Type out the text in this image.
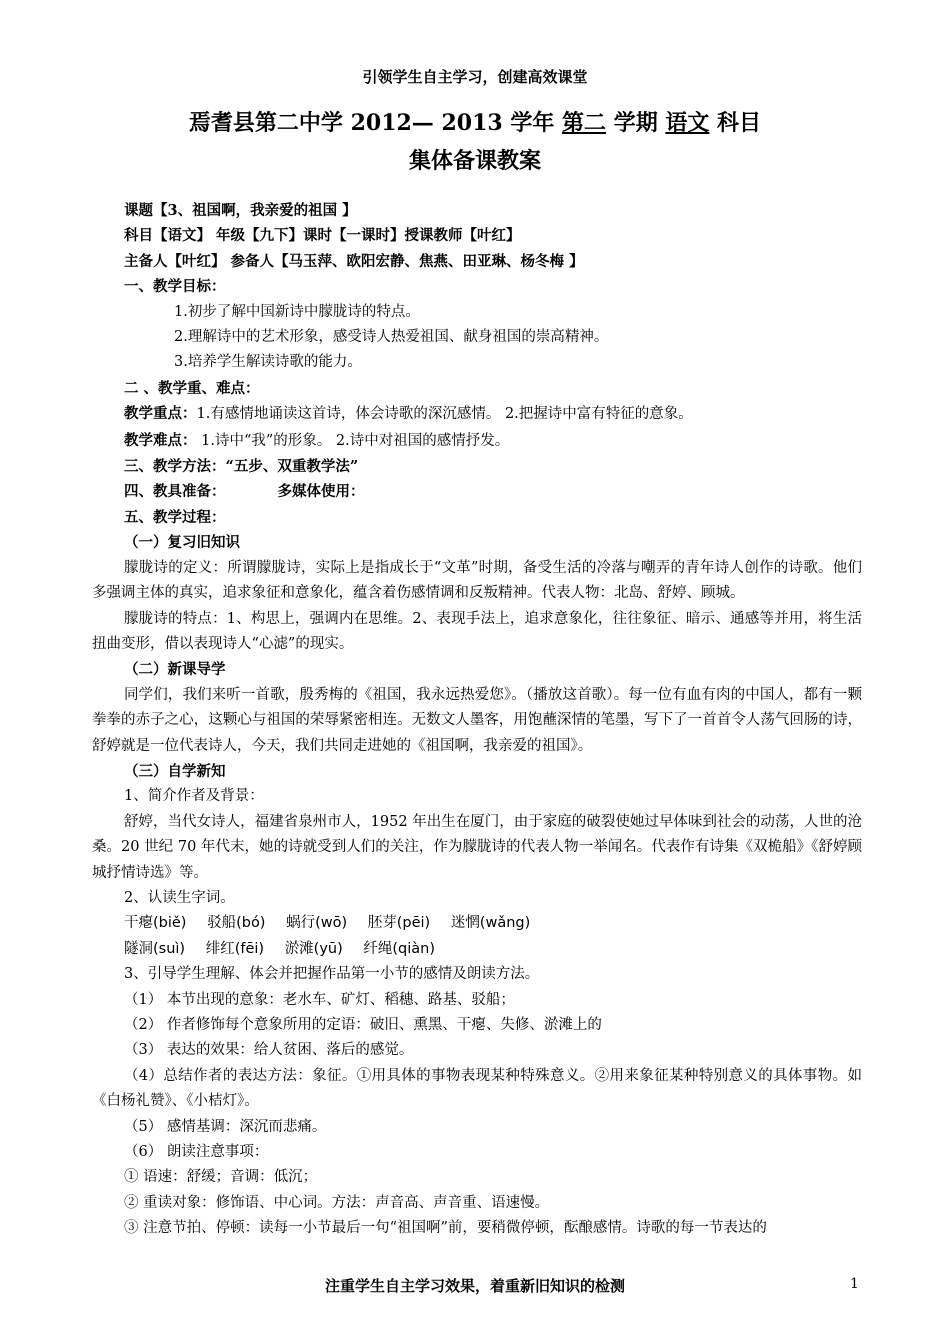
引领学生自主学习，创建高效课堂
焉耆县第二中学 2012— 2013 学年 第二 学期 语文 科目
集体备课教案

课题【3、祖国啊，我亲爱的祖国 】

科目【语文】 年级【九下】课时【一课时】授课教师【叶红】

主备人【叶红】 参备人【马玉萍、欧阳宏静、焦燕、田亚琳、杨冬梅 】

一、教学目标：

1.初步了解中国新诗中朦胧诗的特点。

2.理解诗中的艺术形象，感受诗人热爱祖国、献身祖国的崇高精神。

3.培养学生解读诗歌的能力。

二 、教学重、难点：

教学重点：1.有感情地诵读这首诗，体会诗歌的深沉感情。 2.把握诗中富有特征的意象。

教学难点： 1.诗中“我”的形象。 2.诗中对祖国的感情抒发。

三、教学方法：“五步、双重教学法”

四、教具准备：	多媒体使用：

五、教学过程：

（一）复习旧知识

朦胧诗的定义：所谓朦胧诗，实际上是指成长于“文革”时期，备受生活的冷落与嘲弄的青年诗人创作的诗歌。他们多强调主体的真实，追求象征和意象化，蕴含着伤感情调和反叛精神。代表人物：北岛、舒婷、顾城。

朦胧诗的特点：1、构思上，强调内在思维。2、表现手法上，追求意象化，往往象征、暗示、通感等并用，将生活扭曲变形，借以表现诗人“心滤”的现实。

（二）新课导学

同学们，我们来听一首歌，殷秀梅的《祖国，我永远热爱您》。（播放这首歌）。每一位有血有肉的中国人，都有一颗拳拳的赤子之心，这颗心与祖国的荣辱紧密相连。无数文人墨客，用饱蘸深情的笔墨，写下了一首首令人荡气回肠的诗，舒婷就是一位代表诗人，今天，我们共同走进她的《祖国啊，我亲爱的祖国》。

（三）自学新知

1、简介作者及背景：

舒婷，当代女诗人，福建省泉州市人，1952 年出生在厦门，由于家庭的破裂使她过早体味到社会的动荡，人世的沧桑。20 世纪 70 年代末，她的诗就受到人们的关注，作为朦胧诗的代表人物一举闻名。代表作有诗集《双桅船》《舒婷顾城抒情诗选》等。

2、认读生字词。

干瘪(biě) 驳船(bó) 蜗行(wō) 胚芽(pēi) 迷惘(wǎng)

隧洞(suì) 绯红(fēi) 淤滩(yū) 纤绳(qiàn)

3、引导学生理解、体会并把握作品第一小节的感情及朗读方法。

（1） 本节出现的意象：老水车、矿灯、稻穗、路基、驳船；

（2） 作者修饰每个意象所用的定语：破旧、熏黑、干瘪、失修、淤滩上的

（3） 表达的效果：给人贫困、落后的感觉。

（4）总结作者的表达方法：象征。①用具体的事物表现某种特殊意义。②用来象征某种特别意义的具体事物。如《白杨礼赞》、《小桔灯》。

（5） 感情基调：深沉而悲痛。

（6） 朗读注意事项：

① 语速：舒缓；音调：低沉；

② 重读对象：修饰语、中心词。方法：声音高、声音重、语速慢。

③ 注意节拍、停顿：读每一小节最后一句“祖国啊”前，要稍微停顿，酝酿感情。诗歌的每一节表达的

注重学生自主学习效果，着重新旧知识的检测	1
